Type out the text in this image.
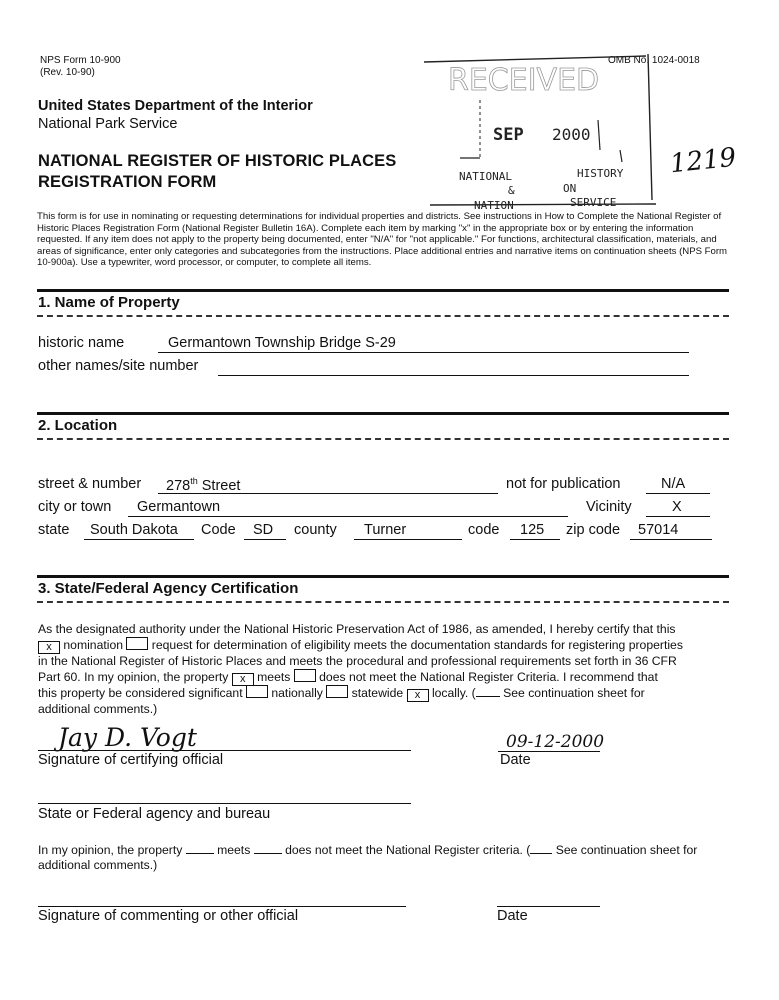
NPS Form 10-900
(Rev. 10-90)
OMB No. 1024-0018
United States Department of the Interior
National Park Service
NATIONAL REGISTER OF HISTORIC PLACES
REGISTRATION FORM
RECEIVED
SEP 2000
NATIONAL	HISTORY
&	ON
NATION	SERVICE
1219
This form is for use in nominating or requesting determinations for individual properties and districts. See instructions in How to Complete the National Register of Historic Places Registration Form (National Register Bulletin 16A). Complete each item by marking "x" in the appropriate box or by entering the information requested. If any item does not apply to the property being documented, enter "N/A" for "not applicable." For functions, architectural classification, materials, and areas of significance, enter only categories and subcategories from the instructions. Place additional entries and narrative items on continuation sheets (NPS Form 10-900a). Use a typewriter, word processor, or computer, to complete all items.
1. Name of Property
historic name	Germantown Township Bridge S-29
other names/site number
2. Location
street & number 278th Street	not for publication	N/A
city or town Germantown	Vicinity	X
state South Dakota Code SD county Turner	code 125 zip code 57014
3. State/Federal Agency Certification
As the designated authority under the National Historic Preservation Act of 1986, as amended, I hereby certify that this
x nomination request for determination of eligibility meets the documentation standards for registering properties
in the National Register of Historic Places and meets the procedural and professional requirements set forth in 36 CFR
Part 60. In my opinion, the property x meets does not meet the National Register Criteria. I recommend that
this property be considered significant nationally statewide x locally. ( See continuation sheet for
additional comments.)
Jay D. Vogt
Signature of certifying official
09-12-2000
Date
State or Federal agency and bureau
In my opinion, the property	meets	does not meet the National Register criteria. ( See continuation sheet for
additional comments.)
Signature of commenting or other official	Date
